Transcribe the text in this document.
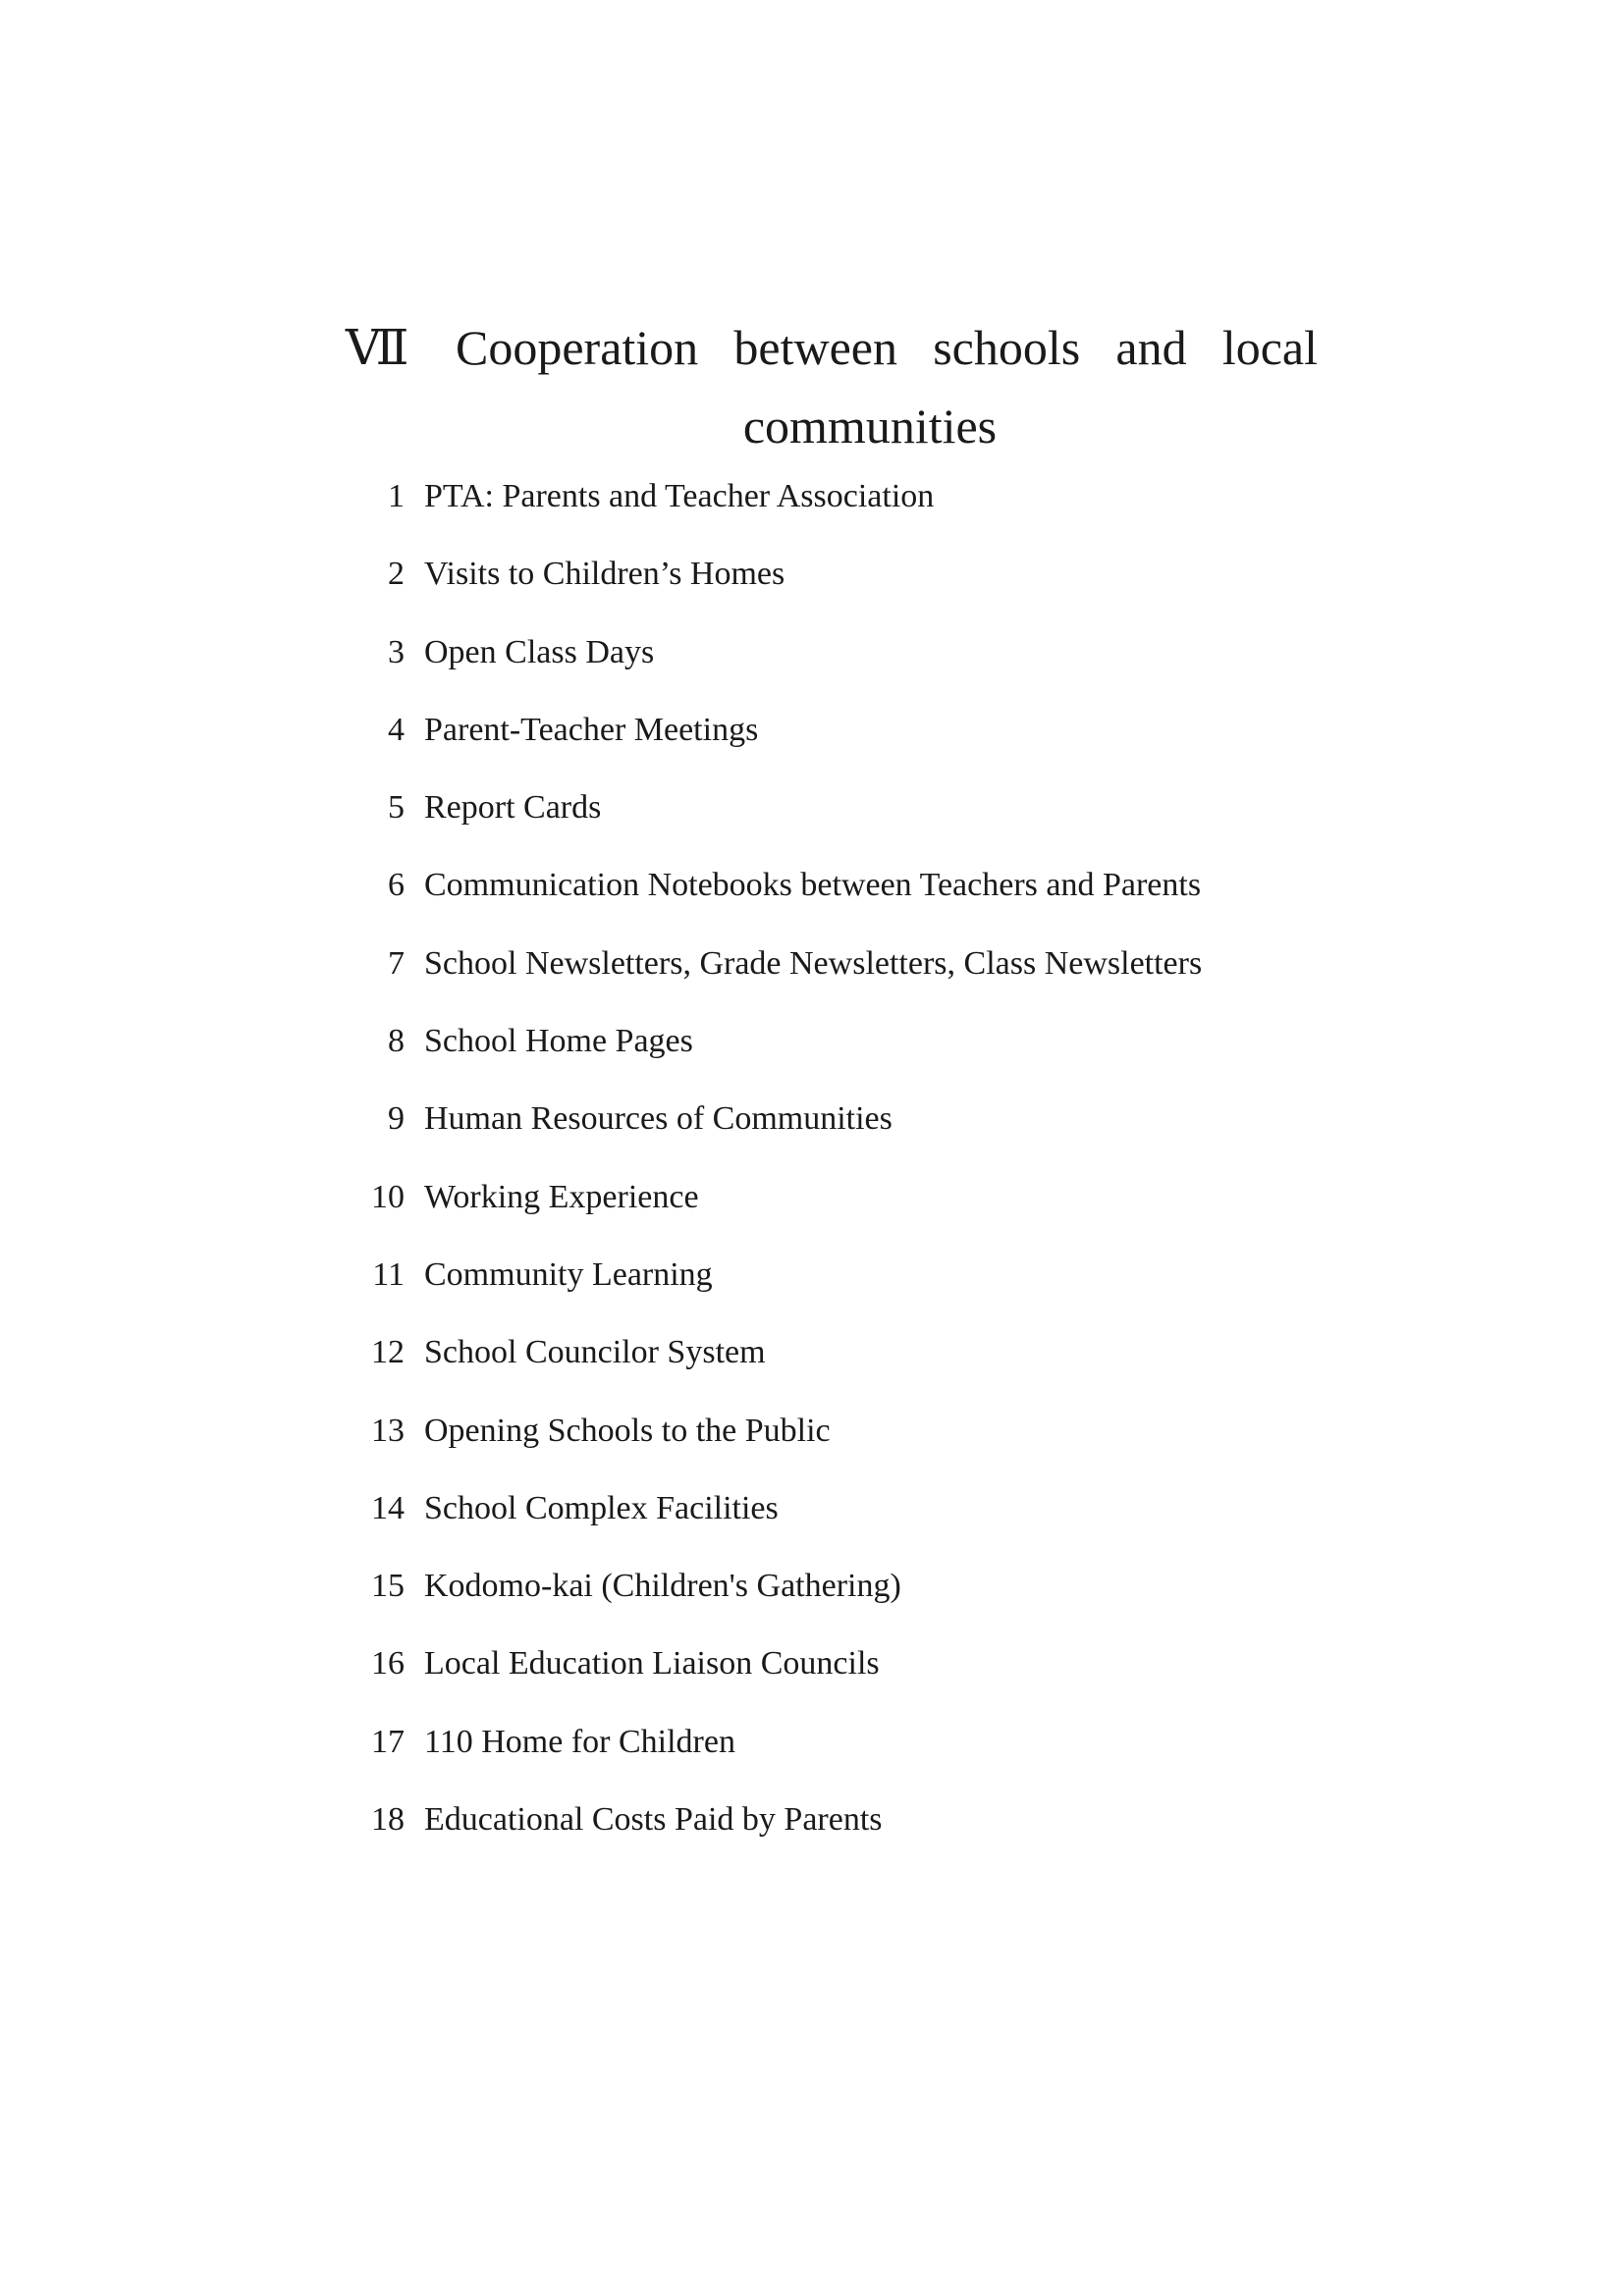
Ⅶ Cooperation between schools and local
communities
1 PTA: Parents and Teacher Association
2 Visits to Children’s Homes
3 Open Class Days
4 Parent-Teacher Meetings
5 Report Cards
6 Communication Notebooks between Teachers and Parents
7 School Newsletters, Grade Newsletters, Class Newsletters
8 School Home Pages
9 Human Resources of Communities
10 Working Experience
11 Community Learning
12 School Councilor System
13 Opening Schools to the Public
14 School Complex Facilities
15 Kodomo-kai (Children's Gathering)
16 Local Education Liaison Councils
17 110 Home for Children
18 Educational Costs Paid by Parents
